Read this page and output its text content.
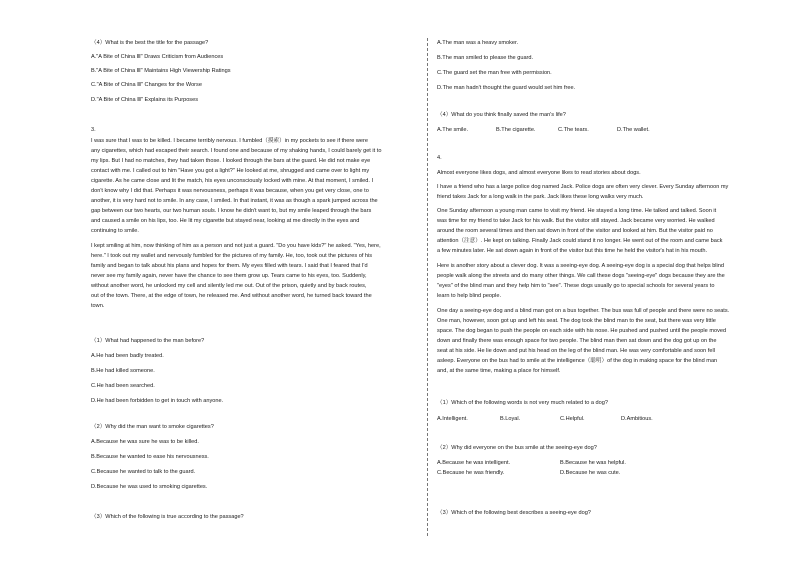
（4）What is the best the title for the passage?
A."A Bite of China Ⅲ" Draws Criticism from Audiences
B."A Bite of China Ⅲ" Maintains High Viewership Ratings
C."A Bite of China Ⅲ" Changes for the Worse
D."A Bite of China Ⅲ" Explains its Purposes
3.
I was sure that I was to be killed. I became terribly nervous. I fumbled（摸索）in my pockets to see if there were
any cigarettes, which had escaped their search. I found one and because of my shaking hands, I could barely get it to
my lips. But I had no matches, they had taken those. I looked through the bars at the guard. He did not make eye
contact with me. I called out to him "Have you got a light?" He looked at me, shrugged and came over to light my
cigarette. As he came close and lit the match, his eyes unconsciously locked with mine. At that moment, I smiled. I
don't know why I did that. Perhaps it was nervousness, perhaps it was because, when you get very close, one to
another, it is very hard not to smile. In any case, I smiled. In that instant, it was as though a spark jumped across the
gap between our two hearts, our two human souls. I know he didn't want to, but my smile leaped through the bars
and caused a smile on his lips, too. He lit my cigarette but stayed near, looking at me directly in the eyes and
continuing to smile.
I kept smiling at him, now thinking of him as a person and not just a guard. "Do you have kids?" he asked. "Yes, here,
here." I took out my wallet and nervously fumbled for the pictures of my family. He, too, took out the pictures of his
family and began to talk about his plans and hopes for them. My eyes filled with tears. I said that I feared that I'd
never see my family again, never have the chance to see them grow up. Tears came to his eyes, too. Suddenly,
without another word, he unlocked my cell and silently led me out. Out of the prison, quietly and by back routes,
out of the town. There, at the edge of town, he released me. And without another word, he turned back toward the
town.
（1）What had happened to the man before?
A.He had been badly treated.
B.He had killed someone.
C.He had been searched.
D.He had been forbidden to get in touch with anyone.
（2）Why did the man want to smoke cigarettes?
A.Because he was sure he was to be killed.
B.Because he wanted to ease his nervousness.
C.Because he wanted to talk to the guard.
D.Because he was used to smoking cigarettes.
（3）Which of the following is true according to the passage?
A.The man was a heavy smoker.
B.The man smiled to please the guard.
C.The guard set the man free with permission.
D.The man hadn't thought the guard would set him free.
（4）What do you think finally saved the man's life?
A.The smile.	B.The cigarette.	C.The tears.	D.The wallet.
4.
Almost everyone likes dogs, and almost everyone likes to read stories about dogs.
I have a friend who has a large police dog named Jack. Police dogs are often very clever. Every Sunday afternoon my
friend takes Jack for a long walk in the park. Jack likes these long walks very much.
One Sunday afternoon a young man came to visit my friend. He stayed a long time. He talked and talked. Soon it
was time for my friend to take Jack for his walk. But the visitor still stayed. Jack became very worried. He walked
around the room several times and then sat down in front of the visitor and looked at him. But the visitor paid no
attention（注意）. He kept on talking. Finally Jack could stand it no longer. He went out of the room and came back
a few minutes later. He sat down again in front of the visitor but this time he held the visitor's hat in his mouth.
Here is another story about a clever dog. It was a seeing-eye dog. A seeing-eye dog is a special dog that helps blind
people walk along the streets and do many other things. We call these dogs "seeing-eye" dogs because they are the
"eyes" of the blind man and they help him to "see". These dogs usually go to special schools for several years to
learn to help blind people.
One day a seeing-eye dog and a blind man got on a bus together. The bus was full of people and there were no seats.
One man, however, soon got up and left his seat. The dog took the blind man to the seat, but there was very little
space. The dog began to push the people on each side with his nose. He pushed and pushed until the people moved
down and finally there was enough space for two people. The blind man then sat down and the dog got up on the
seat at his side. He lie down and put his head on the leg of the blind man. He was very comfortable and soon fell
asleep. Everyone on the bus had to smile at the intelligence（聪明）of the dog in making space for the blind man
and, at the same time, making a place for himself.
（1）Which of the following words is not very much related to a dog?
A.Intelligent.	B.Loyal.	C.Helpful.	D.Ambitious.
（2）Why did everyone on the bus smile at the seeing-eye dog?
A.Because he was intelligent.	B.Because he was helpful.
C.Because he was friendly.	D.Because he was cute.
（3）Which of the following best describes a seeing-eye dog?
